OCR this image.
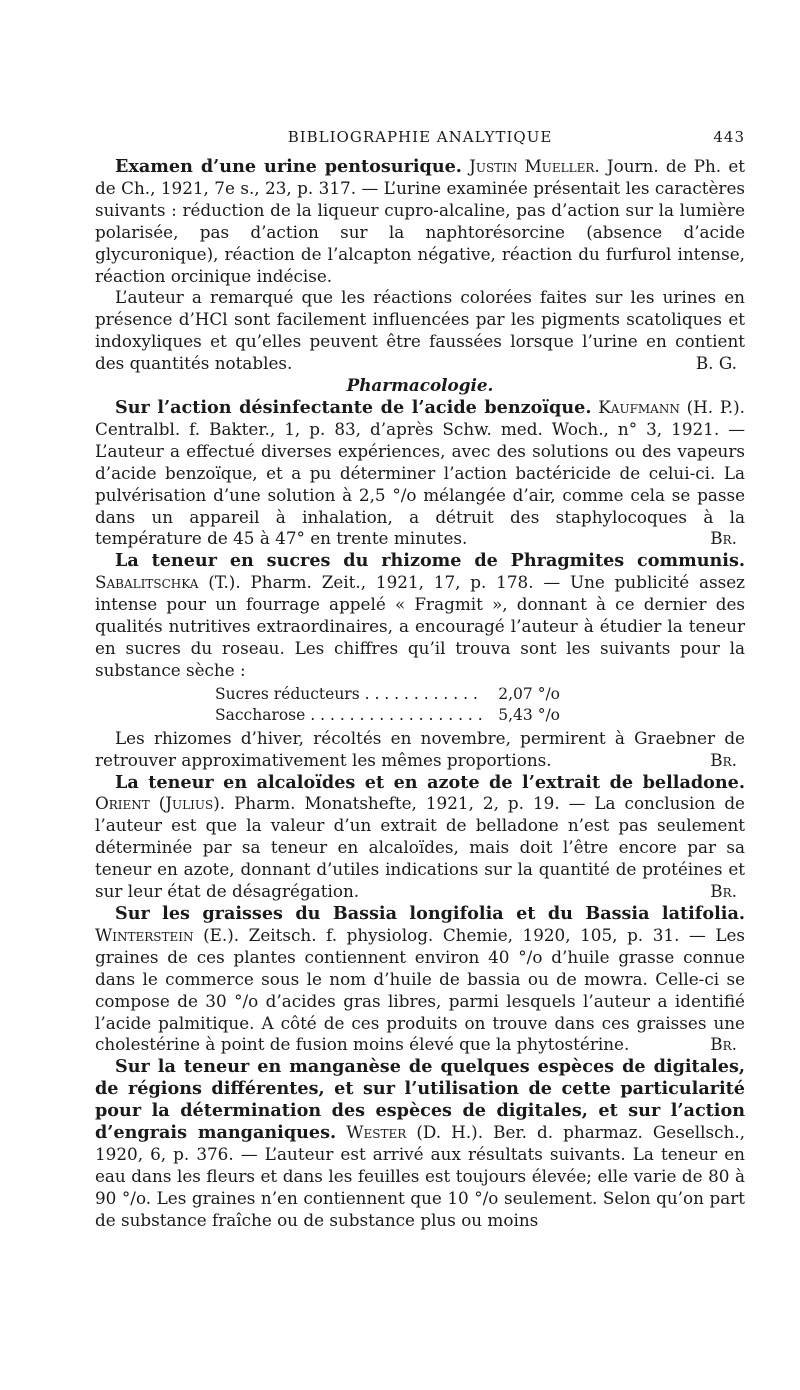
BIBLIOGRAPHIE ANALYTIQUE	443

Examen d’une urine pentosurique. Justin Mueller. Journ. de Ph. et de Ch., 1921, 7e s., 23, p. 317. — L’urine examinée présentait les caractères suivants : réduction de la liqueur cupro-alcaline, pas d’action sur la lumière polarisée, pas d’action sur la naphtorésorcine (absence d’acide glycuronique), réaction de l’alcapton négative, réaction du furfurol intense, réaction orcinique indécise.

L’auteur a remarqué que les réactions colorées faites sur les urines en présence d’HCl sont facilement influencées par les pigments scatoliques et indoxyliques et qu’elles peuvent être faussées lorsque l’urine en contient des quantités notables.	B. G.

Pharmacologie.

Sur l’action désinfectante de l’acide benzoïque. Kaufmann (H. P.). Centralbl. f. Bakter., 1, p. 83, d’après Schw. med. Woch., n° 3, 1921. — L’auteur a effectué diverses expériences, avec des solutions ou des vapeurs d’acide benzoïque, et a pu déterminer l’action bactéricide de celui-ci. La pulvérisation d’une solution à 2,5 °/o mélangée d’air, comme cela se passe dans un appareil à inhalation, a détruit des staphylocoques à la température de 45 à 47° en trente minutes.	Br.

La teneur en sucres du rhizome de Phragmites communis. Sabalitschka (T.). Pharm. Zeit., 1921, 17, p. 178. — Une publicité assez intense pour un fourrage appelé « Fragmit », donnant à ce dernier des qualités nutritives extraordinaires, a encouragé l’auteur à étudier la teneur en sucres du roseau. Les chiffres qu’il trouva sont les suivants pour la substance sèche :

Sucres réducteurs . . .	2,07 °/o
Saccharose . . .	5,43 °/o

Les rhizomes d’hiver, récoltés en novembre, permirent à Graebner de retrouver approximativement les mêmes proportions.	Br.

La teneur en alcaloïdes et en azote de l’extrait de belladone. Orient (Julius). Pharm. Monatshefte, 1921, 2, p. 19. — La conclusion de l’auteur est que la valeur d’un extrait de belladone n’est pas seulement déterminée par sa teneur en alcaloïdes, mais doit l’être encore par sa teneur en azote, donnant d’utiles indications sur la quantité de protéines et sur leur état de désagrégation.	Br.

Sur les graisses du Bassia longifolia et du Bassia latifolia. Winterstein (E.). Zeitsch. f. physiolog. Chemie, 1920, 105, p. 31. — Les graines de ces plantes contiennent environ 40 °/o d’huile grasse connue dans le commerce sous le nom d’huile de bassia ou de mowra. Celle-ci se compose de 30 °/o d’acides gras libres, parmi lesquels l’auteur a identifié l’acide palmitique. A côté de ces produits on trouve dans ces graisses une cholestérine à point de fusion moins élevé que la phytostérine.	Br.

Sur la teneur en manganèse de quelques espèces de digitales, de régions différentes, et sur l’utilisation de cette particularité pour la détermination des espèces de digitales, et sur l’action d’engrais manganiques. Wester (D. H.). Ber. d. pharmaz. Gesellsch., 1920, 6, p. 376. — L’auteur est arrivé aux résultats suivants. La teneur en eau dans les fleurs et dans les feuilles est toujours élevée; elle varie de 80 à 90 °/o. Les graines n’en contiennent que 10 °/o seulement. Selon qu’on part de substance fraîche ou de substance plus ou moins
